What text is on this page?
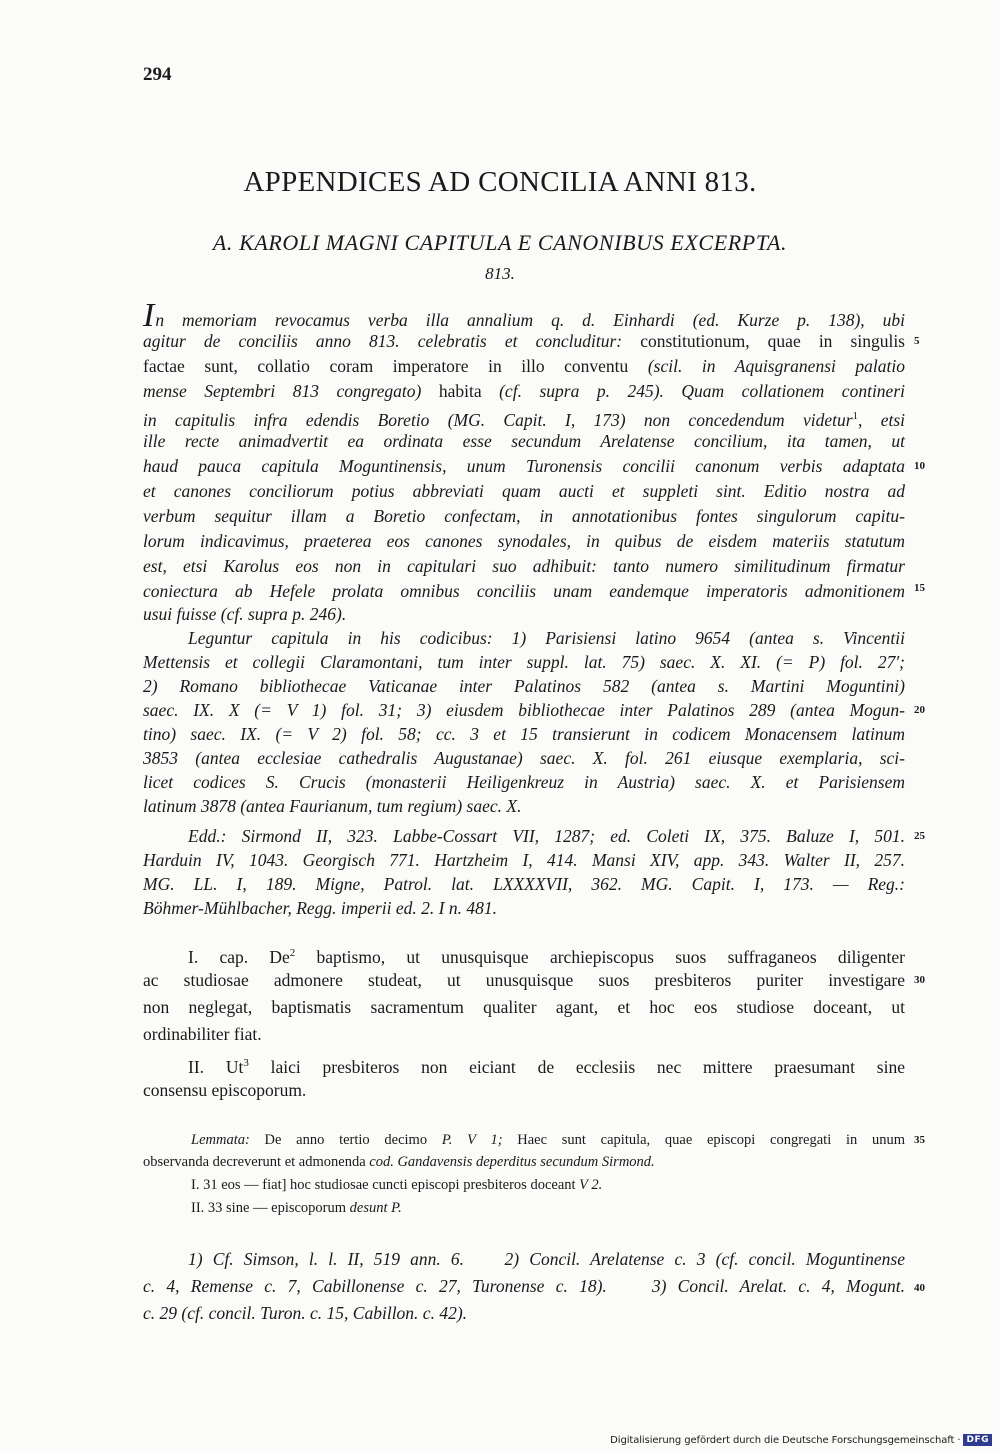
294
APPENDICES AD CONCILIA ANNI 813.
A. KAROLI MAGNI CAPITULA E CANONIBUS EXCERPTA.
813.
In memoriam revocamus verba illa annalium q. d. Einhardi (ed. Kurze p. 138), ubi
agitur de conciliis anno 813. celebratis et concluditur: constitutionum, quae in singulis
factae sunt, collatio coram imperatore in illo conventu (scil. in Aquisgranensi palatio
mense Septembri 813 congregato) habita (cf. supra p. 245). Quam collationem contineri
in capitulis infra edendis Boretio (MG. Capit. I, 173) non concedendum videtur$^1$, etsi
ille recte animadvertit ea ordinata esse secundum Arelatense concilium, ita tamen, ut
haud pauca capitula Moguntinensis, unum Turonensis concilii canonum verbis adaptata
et canones conciliorum potius abbreviati quam aucti et suppleti sint. Editio nostra ad
verbum sequitur illam a Boretio confectam, in annotationibus fontes singulorum capitu-
lorum indicavimus, praeterea eos canones synodales, in quibus de eisdem materiis statutum
est, etsi Karolus eos non in capitulari suo adhibuit: tanto numero similitudinum firmatur
coniectura ab Hefele prolata omnibus conciliis unam eandemque imperatoris admonitionem
usui fuisse (cf. supra p. 246).
Leguntur capitula in his codicibus: 1) Parisiensi latino 9654 (antea s. Vincentii
Mettensis et collegii Claramontani, tum inter suppl. lat. 75) saec. X. XI. (= P) fol. 27′;
2) Romano bibliothecae Vaticanae inter Palatinos 582 (antea s. Martini Moguntini)
saec. IX. X (= V 1) fol. 31; 3) eiusdem bibliothecae inter Palatinos 289 (antea Mogun-
tino) saec. IX. (= V 2) fol. 58; cc. 3 et 15 transierunt in codicem Monacensem latinum
3853 (antea ecclesiae cathedralis Augustanae) saec. X. fol. 261 eiusque exemplaria, sci-
licet codices S. Crucis (monasterii Heiligenkreuz in Austria) saec. X. et Parisiensem
latinum 3878 (antea Faurianum, tum regium) saec. X.
Edd.: Sirmond II, 323. Labbe-Cossart VII, 1287; ed. Coleti IX, 375. Baluze I, 501.
Harduin IV, 1043. Georgisch 771. Hartzheim I, 414. Mansi XIV, app. 343. Walter II, 257.
MG. LL. I, 189. Migne, Patrol. lat. LXXXXVII, 362. MG. Capit. I, 173. — Reg.:
Böhmer-Mühlbacher, Regg. imperii ed. 2. I n. 481.
I. cap. De$^2$ baptismo, ut unusquisque archiepiscopus suos suffraganeos diligenter
ac studiosae admonere studeat, ut unusquisque suos presbiteros puriter investigare
non neglegat, baptismatis sacramentum qualiter agant, et hoc eos studiose doceant, ut
ordinabiliter fiat.
II. Ut$^3$ laici presbiteros non eiciant de ecclesiis nec mittere praesumant sine
consensu episcoporum.
Lemmata: De anno tertio decimo P. V 1; Haec sunt capitula, quae episcopi congregati in unum
observanda decreverunt et admonenda cod. Gandavensis deperditus secundum Sirmond.
I. 31 eos — fiat] hoc studiosae cuncti episcopi presbiteros doceant V 2.
II. 33 sine — episcoporum desunt P.
1) Cf. Simson, l. l. II, 519 ann. 6.    2) Concil. Arelatense c. 3 (cf. concil. Moguntinense
c. 4, Remense c. 7, Cabillonense c. 27, Turonense c. 18).    3) Concil. Arelat. c. 4, Mogunt.
c. 29 (cf. concil. Turon. c. 15, Cabillon. c. 42).
5
10
15
20
25
30
35
40
Digitalisierung gefördert durch die Deutsche Forschungsgemeinschaft · DFG
